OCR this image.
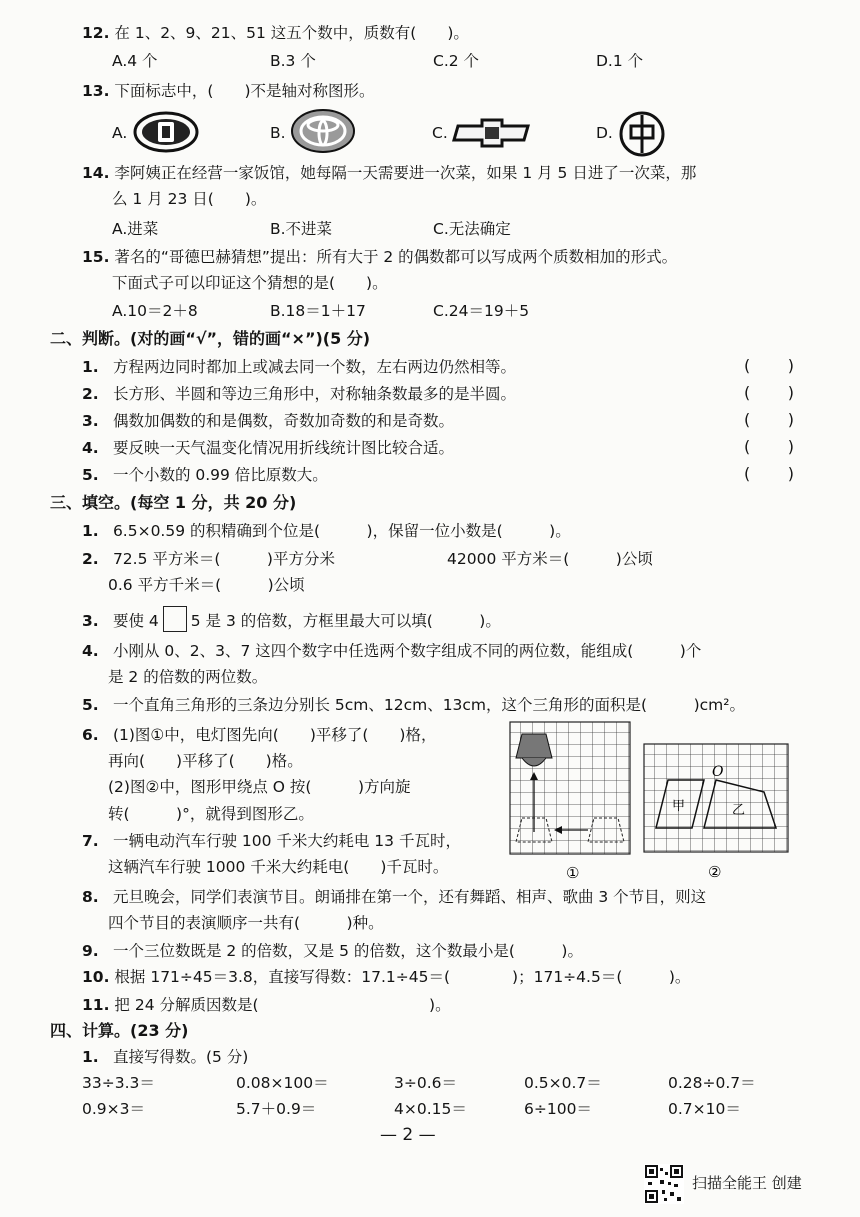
12. 在 1、2、9、21、51 这五个数中，质数有(　　)。
A.4 个	B.3 个	C.2 个	D.1 个
13. 下面标志中，(　　)不是轴对称图形。
A.	B.	C.	D.
14. 李阿姨正在经营一家饭馆，她每隔一天需要进一次菜，如果 1 月 5 日进了一次菜，那
么 1 月 23 日(　　)。
A.进菜	B.不进菜	C.无法确定
15. 著名的“哥德巴赫猜想”提出：所有大于 2 的偶数都可以写成两个质数相加的形式。
下面式子可以印证这个猜想的是(　　)。
A.10＝2＋8	B.18＝1＋17	C.24＝19＋5
二、判断。(对的画“√”，错的画“×”)(5 分)
1. 方程两边同时都加上或减去同一个数，左右两边仍然相等。	( )
2. 长方形、半圆和等边三角形中，对称轴条数最多的是半圆。	( )
3. 偶数加偶数的和是偶数，奇数加奇数的和是奇数。	( )
4. 要反映一天气温变化情况用折线统计图比较合适。	( )
5. 一个小数的 0.99 倍比原数大。	( )
三、填空。(每空 1 分，共 20 分)
1. 6.5×0.59 的积精确到个位是(　　　)，保留一位小数是(　　　)。
2. 72.5 平方米＝(　　　)平方分米	42000 平方米＝(　　　)公顷
0.6 平方千米＝(　　　)公顷
3. 要使 4 5 是 3 的倍数，方框里最大可以填(　　　)。
4. 小刚从 0、2、3、7 这四个数字中任选两个数字组成不同的两位数，能组成(　　　)个
是 2 的倍数的两位数。
5. 一个直角三角形的三条边分别长 5cm、12cm、13cm，这个三角形的面积是(　　　)cm²。
6. (1)图①中，电灯图先向(　　)平移了(　　)格，
再向(　　)平移了(　　)格。
(2)图②中，图形甲绕点 O 按(　　　)方向旋
转(　　　)°，就得到图形乙。
7. 一辆电动汽车行驶 100 千米大约耗电 13 千瓦时，
这辆汽车行驶 1000 千米大约耗电(　　)千瓦时。	①
O
甲	乙
②
8. 元旦晚会，同学们表演节目。朗诵排在第一个，还有舞蹈、相声、歌曲 3 个节目，则这
四个节目的表演顺序一共有(　　　)种。
9. 一个三位数既是 2 的倍数，又是 5 的倍数，这个数最小是(　　　)。
10. 根据 171÷45＝3.8，直接写得数：17.1÷45＝(　　　　)；171÷4.5＝(　　　)。
11. 把 24 分解质因数是(　　　　　　　　　　　)。
四、计算。(23 分)
1. 直接写得数。(5 分)
33÷3.3＝	0.08×100＝	3÷0.6＝	0.5×0.7＝	0.28÷0.7＝
0.9×3＝	5.7＋0.9＝	4×0.15＝	6÷100＝	0.7×10＝
— 2 —
扫描全能王 创建
